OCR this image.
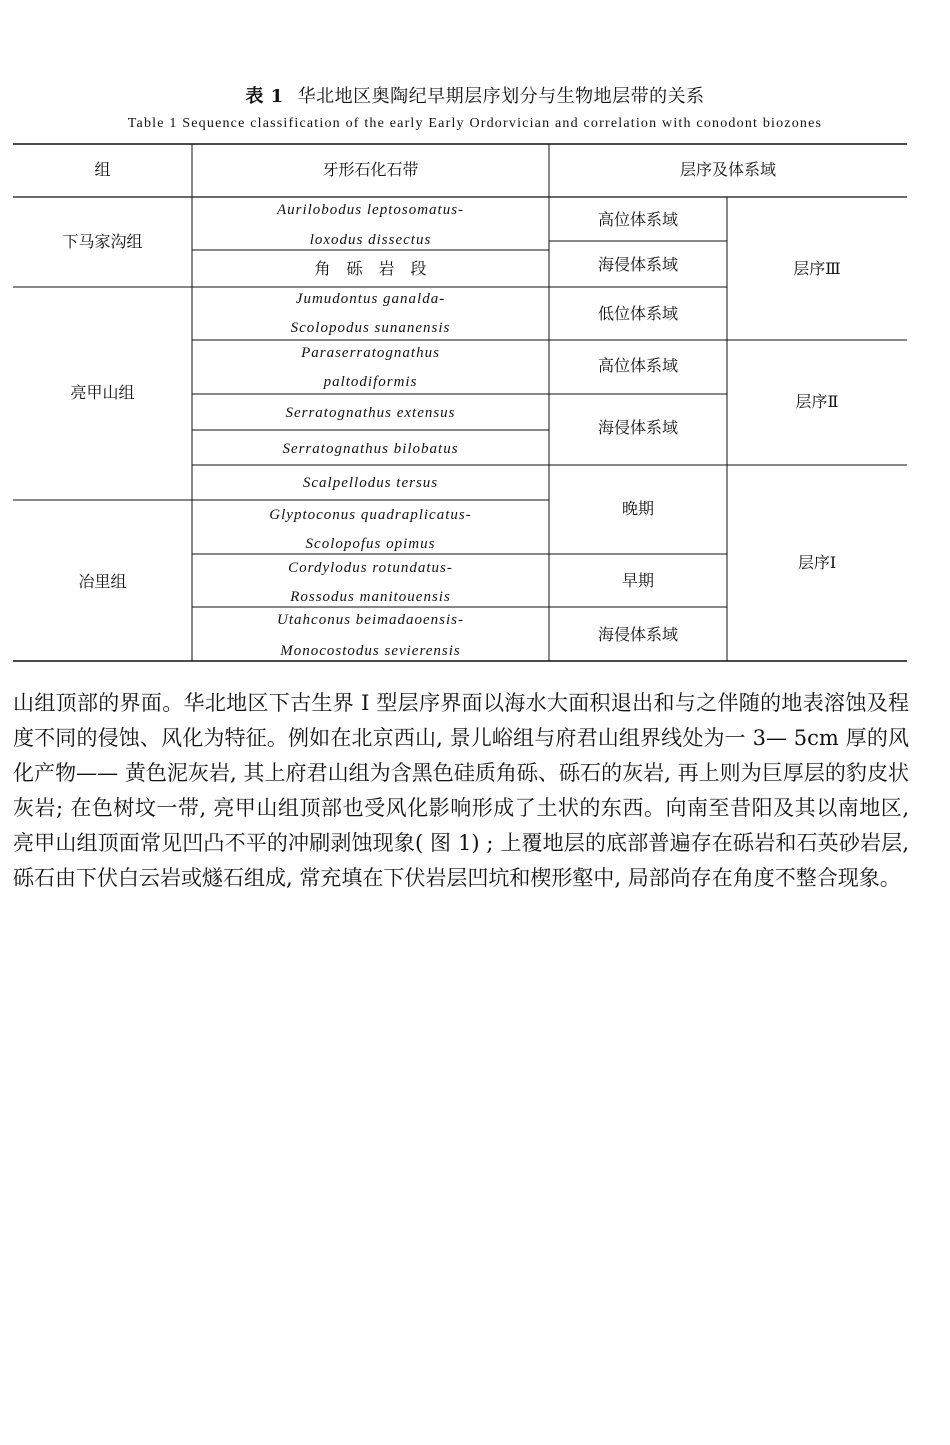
表 1 华北地区奥陶纪早期层序划分与生物地层带的关系
Table 1 Sequence classification of the early Early Ordorvician and correlation with conodont biozones
组	牙形石化石带	层序及体系域
下马家沟组
亮甲山组
冶里组
Aurilobodus leptosomatus-
loxodus dissectus
角　砾　岩　段
Jumudontus ganalda-
Scolopodus sunanensis
Paraserratognathus
paltodiformis
Serratognathus extensus
Serratognathus bilobatus
Scalpellodus tersus
Glyptoconus quadraplicatus-
Scolopofus opimus
Cordylodus rotundatus-
Rossodus manitouensis
Utahconus beimadaoensis-
Monocostodus sevierensis
高位体系域
海侵体系域
低位体系域
高位体系域
海侵体系域
晚期
早期
海侵体系域
层序Ⅲ
层序Ⅱ
层序Ⅰ

山组顶部的界面。华北地区下古生界 I 型层序界面以海水大面积退出和与之伴随的地表溶蚀及程度不同的侵蚀、风化为特征。例如在北京西山, 景儿峪组与府君山组界线处为一 3— 5cm 厚的风化产物—— 黄色泥灰岩, 其上府君山组为含黑色硅质角砾、砾石的灰岩, 再上则为巨厚层的豹皮状灰岩; 在色树坟一带, 亮甲山组顶部也受风化影响形成了土状的东西。向南至昔阳及其以南地区, 亮甲山组顶面常见凹凸不平的冲刷剥蚀现象( 图 1) ; 上覆地层的底部普遍存在砾岩和石英砂岩层, 砾石由下伏白云岩或燧石组成, 常充填在下伏岩层凹坑和楔形壑中, 局部尚存在角度不整合现象。
